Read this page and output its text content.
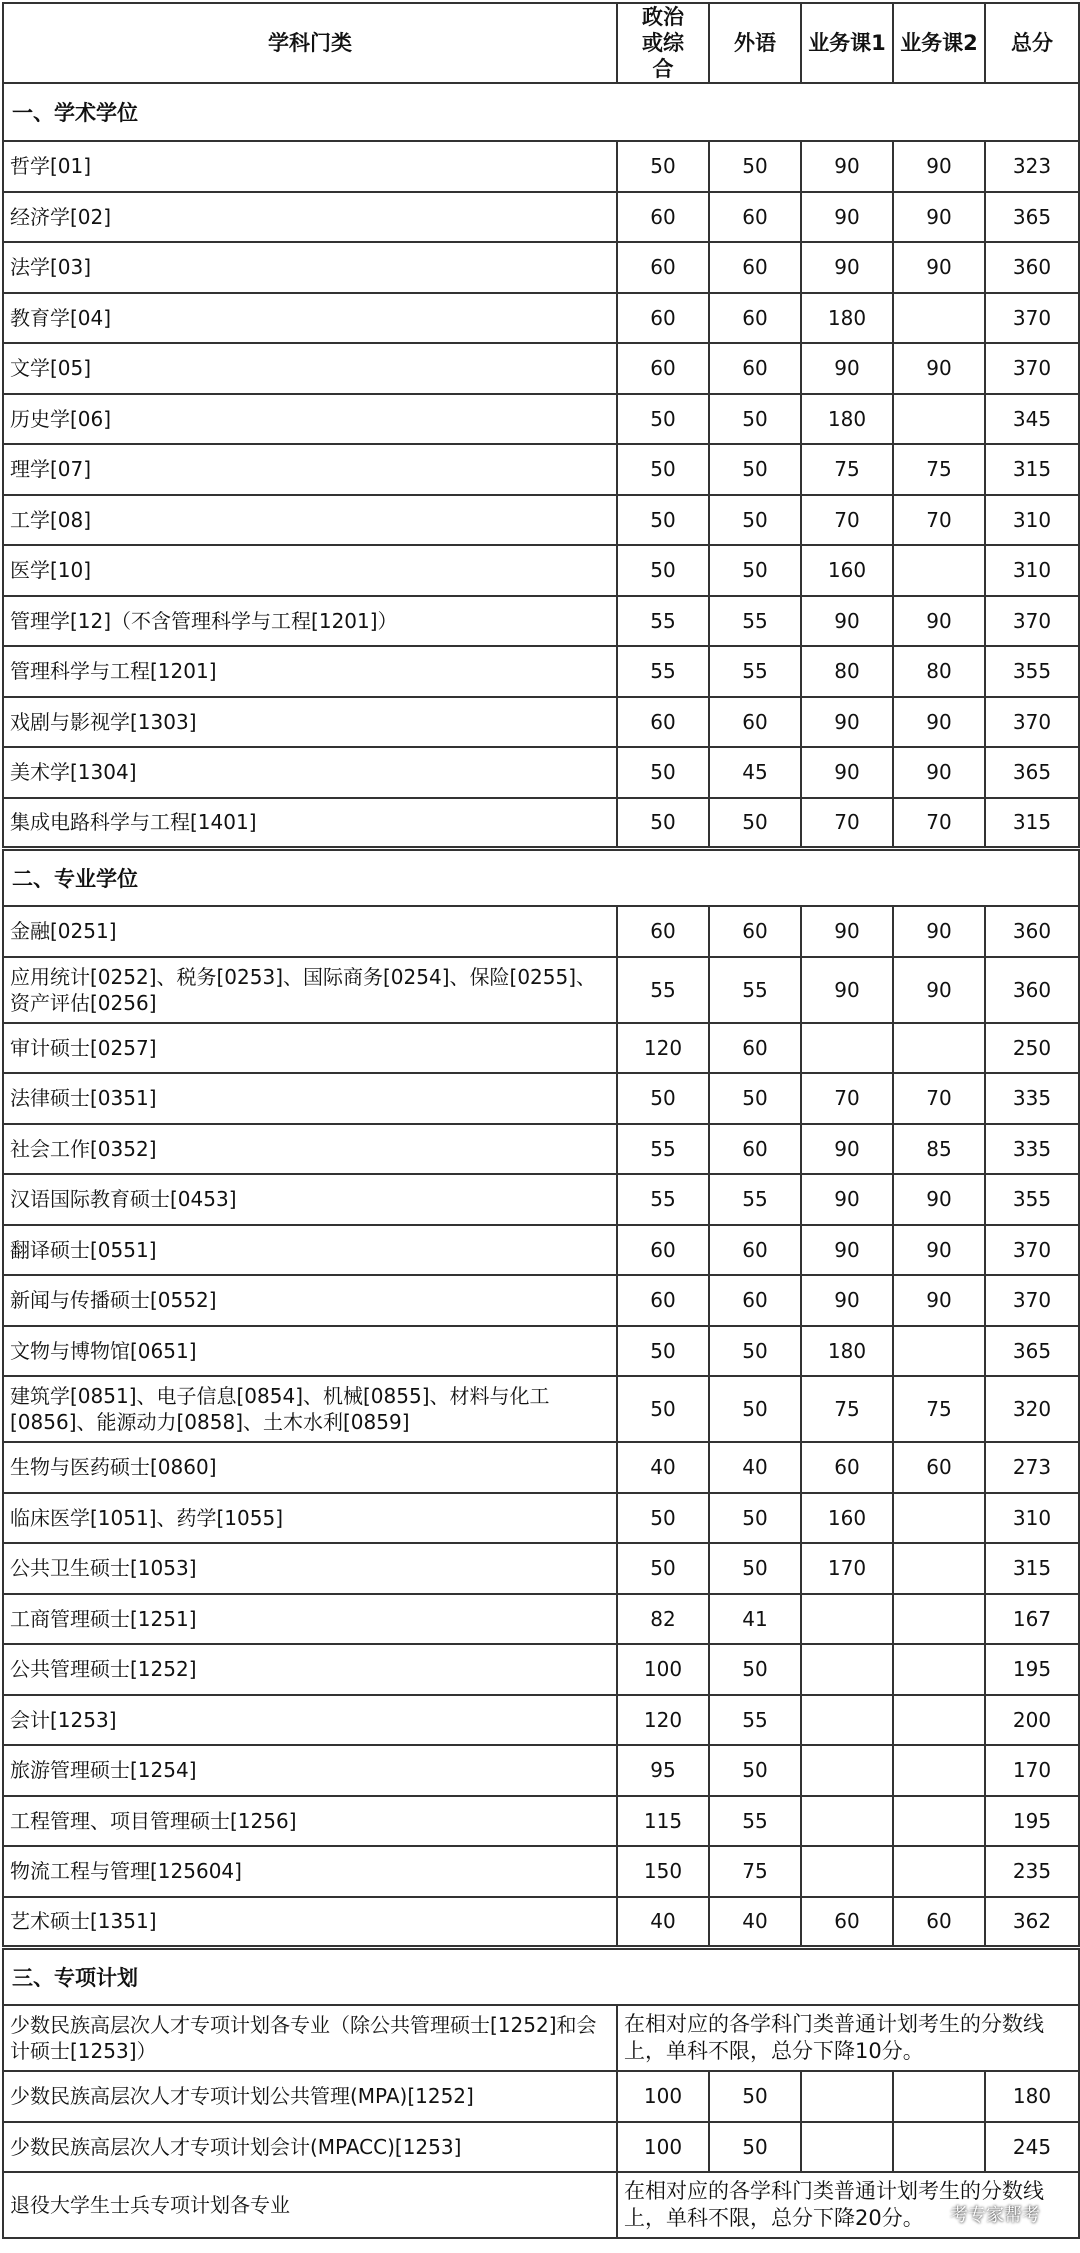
学科门类	政治或综合	外语	业务课1	业务课2	总分
一、学术学位					
哲学[01]	50	50	90	90	323
经济学[02]	60	60	90	90	365
法学[03]	60	60	90	90	360
教育学[04]	60	60	180		370
文学[05]	60	60	90	90	370
历史学[06]	50	50	180		345
理学[07]	50	50	75	75	315
工学[08]	50	50	70	70	310
医学[10]	50	50	160		310
管理学[12]（不含管理科学与工程[1201]）	55	55	90	90	370
管理科学与工程[1201]	55	55	80	80	355
戏剧与影视学[1303]	60	60	90	90	370
美术学[1304]	50	45	90	90	365
集成电路科学与工程[1401]	50	50	70	70	315
二、专业学位					
金融[0251]	60	60	90	90	360
应用统计[0252]、税务[0253]、国际商务[0254]、保险[0255]、资产评估[0256]	55	55	90	90	360
审计硕士[0257]	120	60			250
法律硕士[0351]	50	50	70	70	335
社会工作[0352]	55	60	90	85	335
汉语国际教育硕士[0453]	55	55	90	90	355
翻译硕士[0551]	60	60	90	90	370
新闻与传播硕士[0552]	60	60	90	90	370
文物与博物馆[0651]	50	50	180		365
建筑学[0851]、电子信息[0854]、机械[0855]、材料与化工[0856]、能源动力[0858]、土木水利[0859]	50	50	75	75	320
生物与医药硕士[0860]	40	40	60	60	273
临床医学[1051]、药学[1055]	50	50	160		310
公共卫生硕士[1053]	50	50	170		315
工商管理硕士[1251]	82	41			167
公共管理硕士[1252]	100	50			195
会计[1253]	120	55			200
旅游管理硕士[1254]	95	50			170
工程管理、项目管理硕士[1256]	115	55			195
物流工程与管理[125604]	150	75			235
艺术硕士[1351]	40	40	60	60	362
三、专项计划					
少数民族高层次人才专项计划各专业（除公共管理硕士[1252]和会计硕士[1253]）	在相对应的各学科门类普通计划考生的分数线上，单科不限，总分下降10分。				
少数民族高层次人才专项计划公共管理(MPA)[1252]	100	50			180
少数民族高层次人才专项计划会计(MPACC)[1253]	100	50			245
退役大学生士兵专项计划各专业	在相对应的各学科门类普通计划考生的分数线上，单科不限，总分下降20分。				考专家帮考
